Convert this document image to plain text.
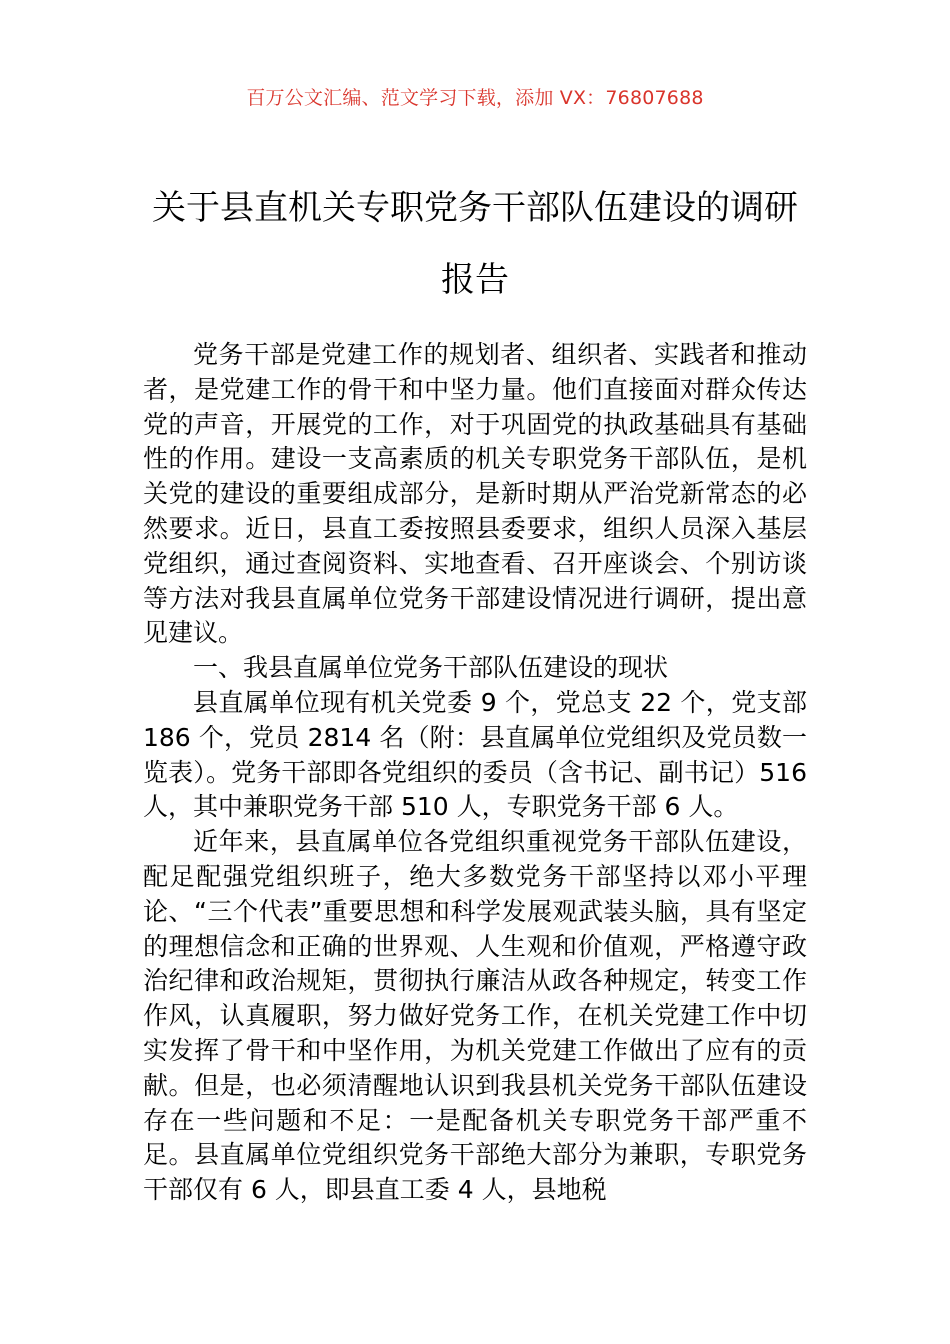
百万公文汇编、范文学习下载，添加 VX：76807688
关于县直机关专职党务干部队伍建设的调研报告

党务干部是党建工作的规划者、组织者、实践者和推动者，是党建工作的骨干和中坚力量。他们直接面对群众传达党的声音，开展党的工作，对于巩固党的执政基础具有基础性的作用。建设一支高素质的机关专职党务干部队伍，是机关党的建设的重要组成部分，是新时期从严治党新常态的必然要求。近日，县直工委按照县委要求，组织人员深入基层党组织，通过查阅资料、实地查看、召开座谈会、个别访谈等方法对我县直属单位党务干部建设情况进行调研，提出意见建议。

一、我县直属单位党务干部队伍建设的现状

县直属单位现有机关党委 9 个，党总支 22 个，党支部 186 个，党员 2814 名（附：县直属单位党组织及党员数一览表）。党务干部即各党组织的委员（含书记、副书记）516 人，其中兼职党务干部 510 人，专职党务干部 6 人。

近年来，县直属单位各党组织重视党务干部队伍建设，配足配强党组织班子，绝大多数党务干部坚持以邓小平理论、“三个代表”重要思想和科学发展观武装头脑，具有坚定的理想信念和正确的世界观、人生观和价值观，严格遵守政治纪律和政治规矩，贯彻执行廉洁从政各种规定，转变工作作风，认真履职，努力做好党务工作，在机关党建工作中切实发挥了骨干和中坚作用，为机关党建工作做出了应有的贡献。但是，也必须清醒地认识到我县机关党务干部队伍建设存在一些问题和不足：一是配备机关专职党务干部严重不足。县直属单位党组织党务干部绝大部分为兼职，专职党务干部仅有 6 人，即县直工委 4 人，县地税
